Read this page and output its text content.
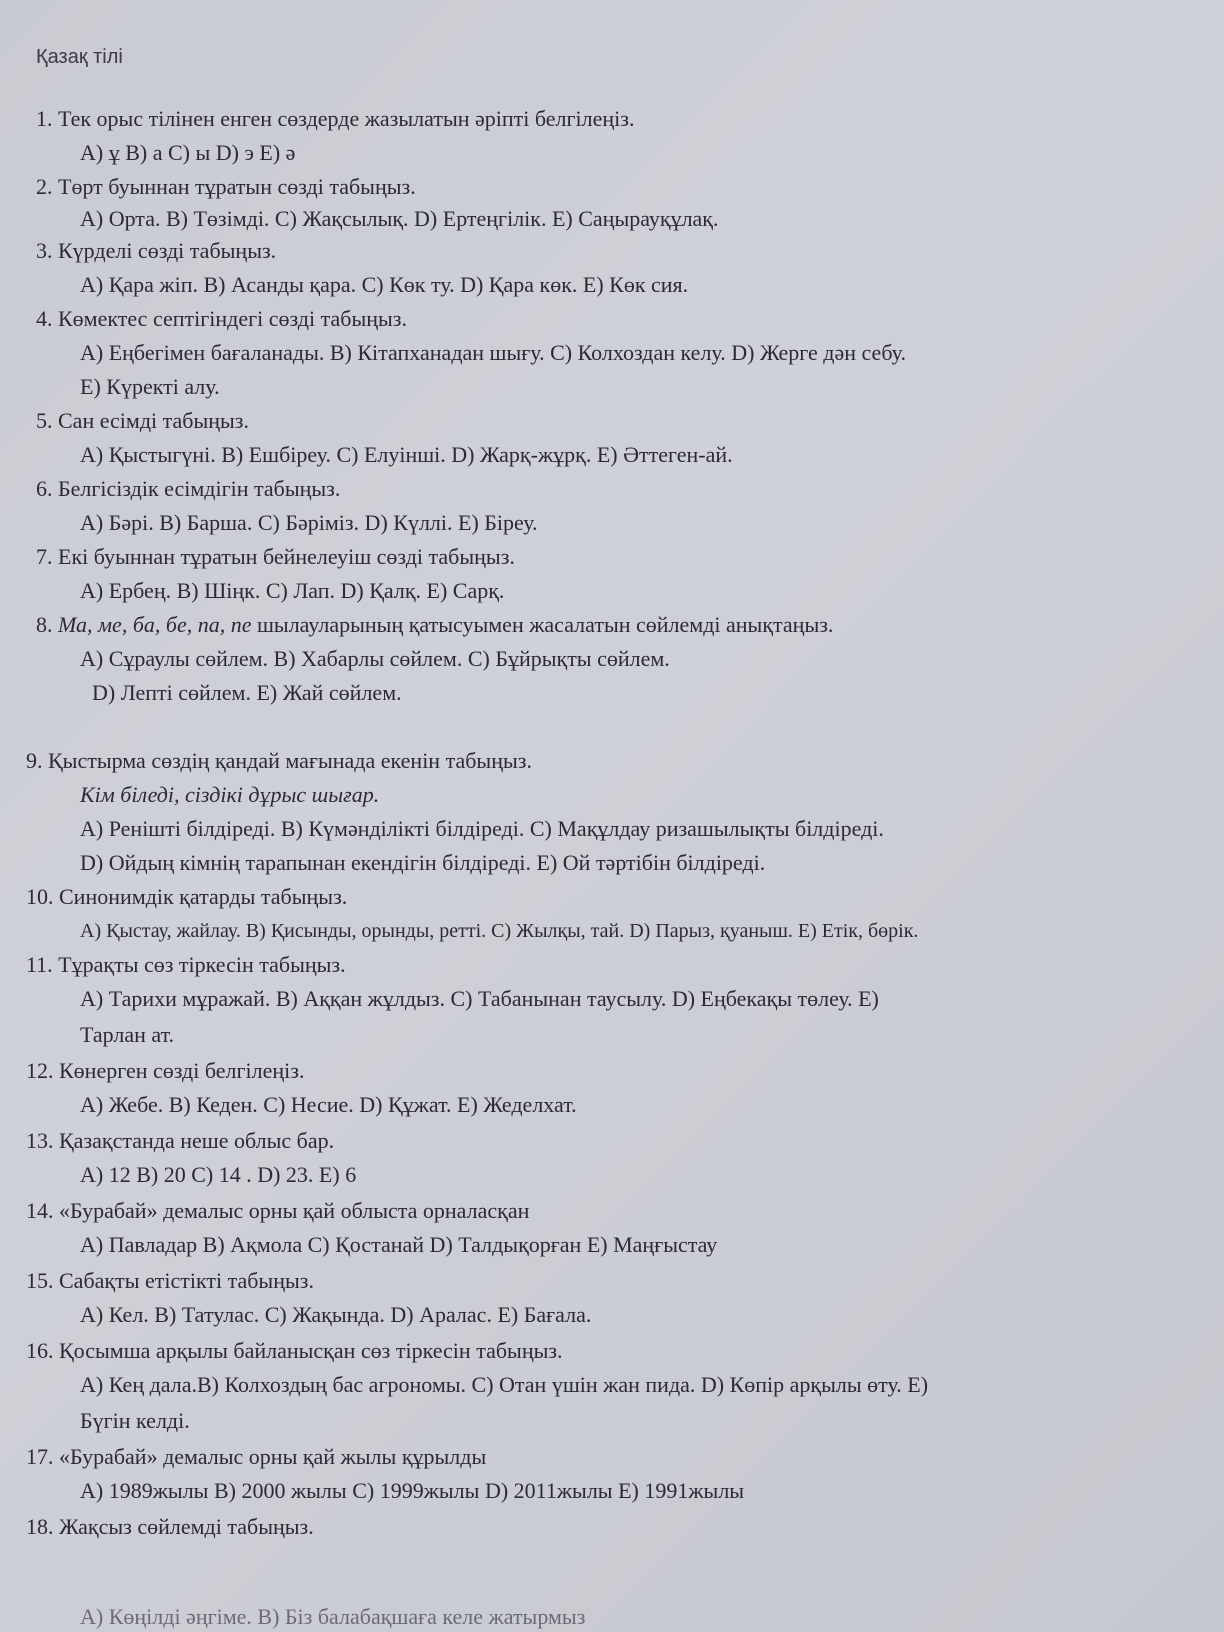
Қазақ тілі
1. Тек орыс тілінен енген сөздерде жазылатын әріпті белгілеңіз.
А) ұ В) а С) ы D) э Е) ә
2. Төрт буыннан тұратын сөзді табыңыз.
А) Орта. В) Төзімді. С) Жақсылық. D) Ертеңгілік. Е) Саңырауқұлақ.
3. Күрделі сөзді табыңыз.
А) Қара жіп. В) Асанды қара. С) Көк ту. D) Қара көк. Е) Көк сия.
4. Көмектес септігіндегі сөзді табыңыз.
А) Еңбегімен бағаланады. В) Кітапханадан шығу. С) Колхоздан келу. D) Жерге дән себу.
Е) Күректі алу.
5. Сан есімді табыңыз.
А) Қыстыгүні. В) Ешбіреу. С) Елуінші. D) Жарқ-жұрқ. Е) Әттеген-ай.
6. Белгісіздік есімдігін табыңыз.
А) Бәрі. В) Барша. С) Бәріміз. D) Күллі. Е) Біреу.
7. Екі буыннан тұратын бейнелеуіш сөзді табыңыз.
А) Ербең. В) Шіңк. С) Лап. D) Қалқ. Е) Сарқ.
8. Ма, ме, ба, бе, па, пе шылауларының қатысуымен жасалатын сөйлемді анықтаңыз.
А) Сұраулы сөйлем. В) Хабарлы сөйлем. С) Бұйрықты сөйлем.
D) Лепті сөйлем. Е) Жай сөйлем.
9. Қыстырма сөздің қандай мағынада екенін табыңыз.
Кім біледі, сіздікі дұрыс шығар.
А) Ренішті білдіреді. В) Күмәнділікті білдіреді. С) Мақұлдау ризашылықты білдіреді.
D) Ойдың кімнің тарапынан екендігін білдіреді. Е) Ой тәртібін білдіреді.
10. Синонимдік қатарды табыңыз.
А) Қыстау, жайлау. В) Қисынды, орынды, ретті. С) Жылқы, тай. D) Парыз, қуаныш. Е) Етік, бөрік.
11. Тұрақты сөз тіркесін табыңыз.
А) Тарихи мұражай. В) Аққан жұлдыз. С) Табанынан таусылу. D) Еңбекақы төлеу. Е)
Тарлан ат.
12. Көнерген сөзді белгілеңіз.
А) Жебе. В) Кеден. С) Несие. D) Құжат. Е) Жеделхат.
13. Қазақстанда неше облыс бар.
А) 12 В) 20 С) 14 . D) 23. Е) 6
14. «Бурабай» демалыс орны қай облыста орналасқан
А) Павладар В) Ақмола С) Қостанай D) Талдықорған Е) Маңғыстау
15. Сабақты етістікті табыңыз.
А) Кел. В) Татулас. С) Жақында. D) Аралас. Е) Бағала.
16. Қосымша арқылы байланысқан сөз тіркесін табыңыз.
А) Кең дала.В) Колхоздың бас агрономы. С) Отан үшін жан пида. D) Көпір арқылы өту. Е)
Бүгін келді.
17. «Бурабай» демалыс орны қай жылы құрылды
А) 1989жылы В) 2000 жылы С) 1999жылы D) 2011жылы Е) 1991жылы
18. Жақсыз сөйлемді табыңыз.
А) Көңілді әңгіме. В) Біз балабақшаға келе жатырмыз
